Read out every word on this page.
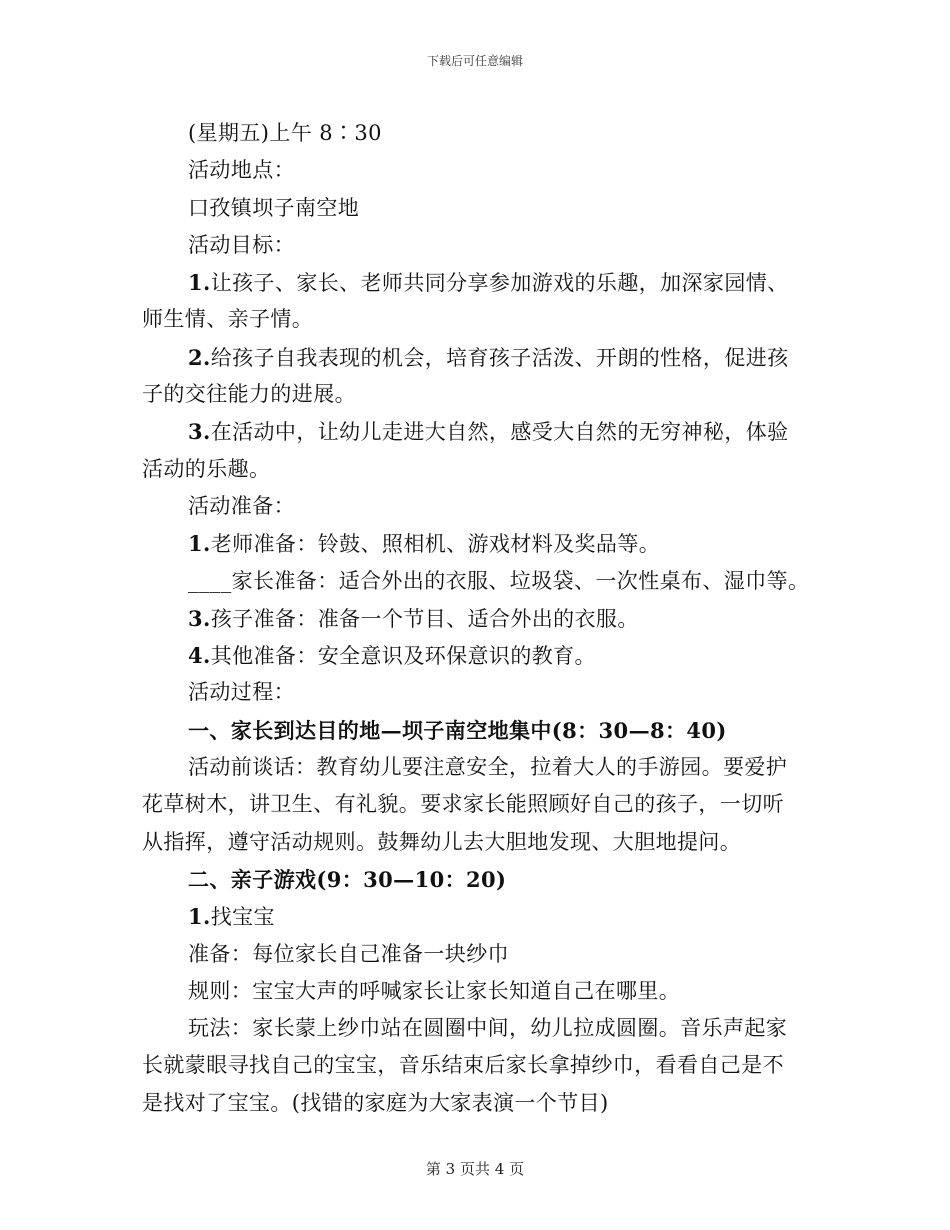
下载后可任意编辑
(星期五)上午 8∶30
活动地点：
口孜镇坝子南空地
活动目标：
1.让孩子、家长、老师共同分享参加游戏的乐趣，加深家园情、
师生情、亲子情。
2.给孩子自我表现的机会，培育孩子活泼、开朗的性格，促进孩
子的交往能力的进展。
3.在活动中，让幼儿走进大自然，感受大自然的无穷神秘，体验
活动的乐趣。
活动准备：
1.老师准备：铃鼓、照相机、游戏材料及奖品等。
____家长准备：适合外出的衣服、垃圾袋、一次性桌布、湿巾等。
3.孩子准备：准备一个节目、适合外出的衣服。
4.其他准备：安全意识及环保意识的教育。
活动过程：
一、家长到达目的地—坝子南空地集中(8：30—8：40)
活动前谈话：教育幼儿要注意安全，拉着大人的手游园。要爱护
花草树木，讲卫生、有礼貌。要求家长能照顾好自己的孩子，一切听
从指挥，遵守活动规则。鼓舞幼儿去大胆地发现、大胆地提问。
二、亲子游戏(9：30—10：20)
1.找宝宝
准备：每位家长自己准备一块纱巾
规则：宝宝大声的呼喊家长让家长知道自己在哪里。
玩法：家长蒙上纱巾站在圆圈中间，幼儿拉成圆圈。音乐声起家
长就蒙眼寻找自己的宝宝，音乐结束后家长拿掉纱巾，看看自己是不
是找对了宝宝。(找错的家庭为大家表演一个节目)
第 3 页共 4 页
